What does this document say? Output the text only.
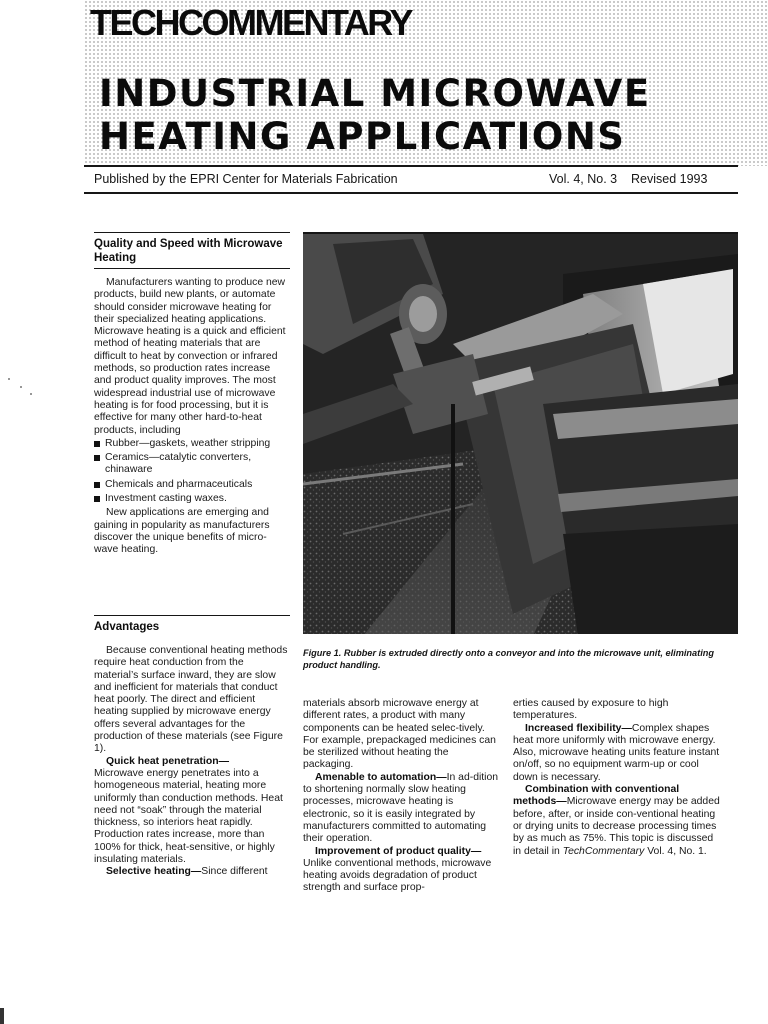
TECHCOMMENTARY
INDUSTRIAL MICROWAVE
HEATING APPLICATIONS
Published by the EPRI Center for Materials Fabrication	Vol. 4, No. 3 Revised 1993
Quality and Speed with Microwave Heating

Manufacturers wanting to produce new products, build new plants, or automate should consider microwave heating for their specialized heating applications. Microwave heating is a quick and efficient method of heating materials that are difficult to heat by convection or infrared methods, so production rates increase and product quality improves. The most widespread industrial use of microwave heating is for food processing, but it is effective for many other hard-to-heat products, including

Rubber—gaskets, weather stripping
Ceramics—catalytic converters, chinaware
Chemicals and pharmaceuticals
Investment casting waxes.

New applications are emerging and gaining in popularity as manufacturers discover the unique benefits of micro-wave heating.

Advantages

Because conventional heating methods require heat conduction from the material’s surface inward, they are slow and inefficient for materials that conduct heat poorly. The direct and efficient heating supplied by microwave energy offers several advantages for the production of these materials (see Figure 1).

Quick heat penetration—

Microwave energy penetrates into a homogeneous material, heating more uniformly than conduction methods. Heat need not “soak” through the material thickness, so interiors heat rapidly. Production rates increase, more than 100% for thick, heat-sensitive, or highly insulating materials.

Selective heating—Since different

Figure 1. Rubber is extruded directly onto a conveyor and into the microwave unit, eliminating product handling.

materials absorb microwave energy at different rates, a product with many components can be heated selec-tively. For example, prepackaged medicines can be sterilized without heating the packaging.

Amenable to automation—In ad-dition to shortening normally slow heating processes, microwave heating is electronic, so it is easily integrated by manufacturers committed to automating their operation.

Improvement of product quality—

Unlike conventional methods, microwave heating avoids degradation of product strength and surface prop-

erties caused by exposure to high temperatures.

Increased flexibility—Complex shapes heat more uniformly with microwave energy. Also, microwave heating units feature instant on/off, so no equipment warm-up or cool down is necessary.

Combination with conventional methods—Microwave energy may be added before, after, or inside con-ventional heating or drying units to decrease processing times by as much as 75%. This topic is discussed in detail in TechCommentary Vol. 4, No. 1.
